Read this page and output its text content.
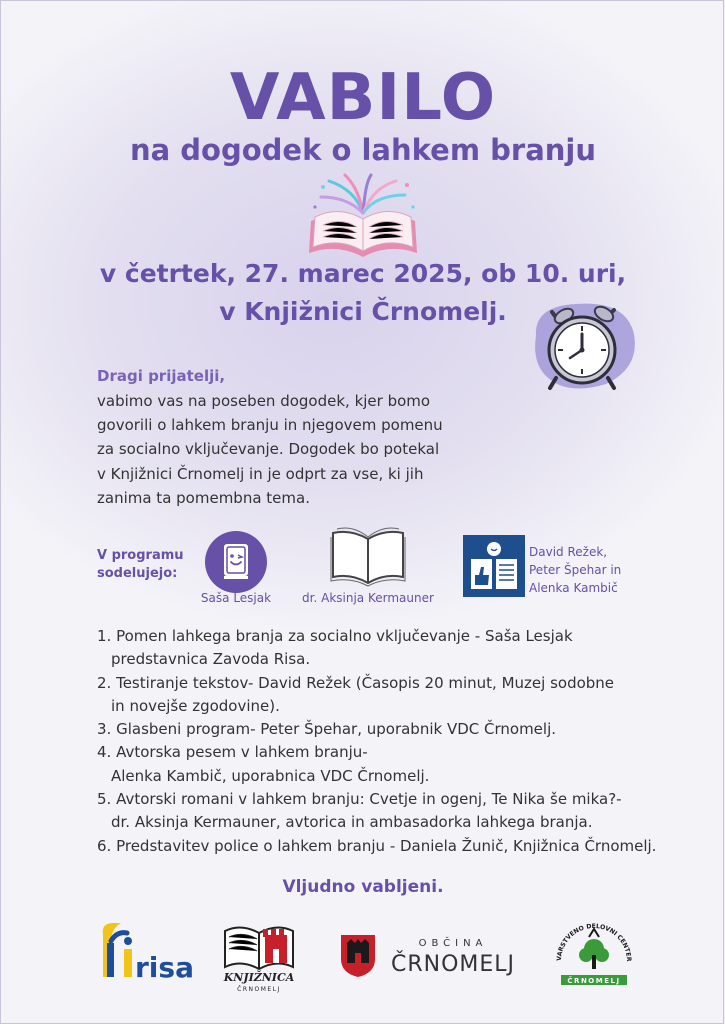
VABILO
na dogodek o lahkem branju
v četrtek, 27. marec 2025, ob 10. uri,
v Knjižnici Črnomelj.
Dragi prijatelji,
vabimo vas na poseben dogodek, kjer bomo
govorili o lahkem branju in njegovem pomenu
za socialno vključevanje. Dogodek bo potekal
v Knjižnici Črnomelj in je odprt za vse, ki jih
zanima ta pomembna tema.
V programu
sodelujejo:
Saša Lesjak	dr. Aksinja Kermauner
David Režek,
Peter Špehar in
Alenka Kambič
1. Pomen lahkega branja za socialno vključevanje - Saša Lesjak
predstavnica Zavoda Risa.
2. Testiranje tekstov- David Režek (Časopis 20 minut, Muzej sodobne
in novejše zgodovine).
3. Glasbeni program- Peter Špehar, uporabnik VDC Črnomelj.
4. Avtorska pesem v lahkem branju-
Alenka Kambič, uporabnica VDC Črnomelj.
5. Avtorski romani v lahkem branju: Cvetje in ogenj, Te Nika še mika?-
dr. Aksinja Kermauner, avtorica in ambasadorka lahkega branja.
6. Predstavitev police o lahkem branju - Daniela Žunič, Knjižnica Črnomelj.
Vljudno vabljeni.
risa	KNJIŽNICA
ČRNOMELJ
OBČINA
ČRNOMELJ	VARSTVENO DELOVNI CENTER
ČRNOMELJ
